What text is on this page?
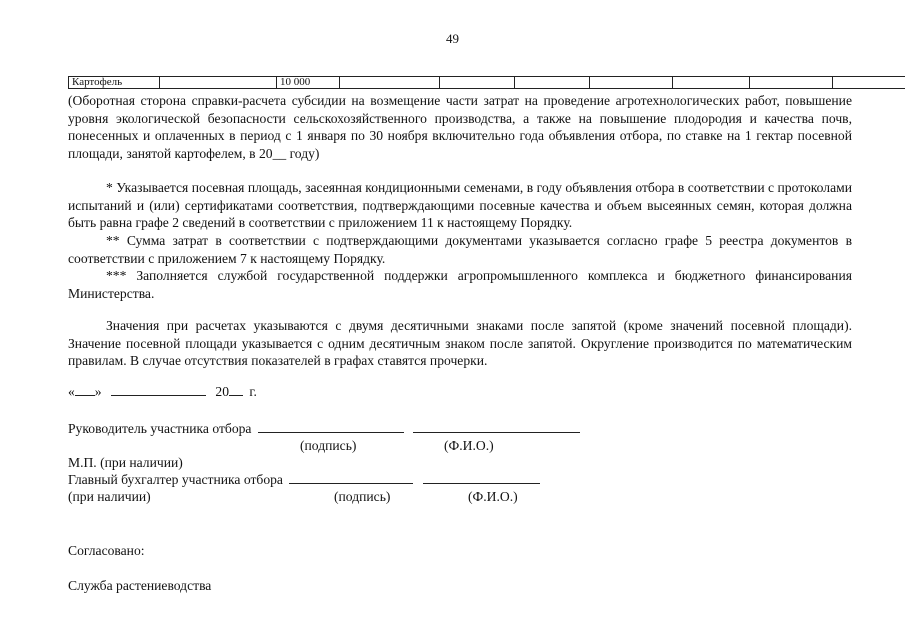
49
Картофель		10 000							
(Оборотная сторона справки-расчета субсидии на возмещение части затрат на проведение агротехнологических работ, повышение уровня экологической безопасности сельскохозяйственного производства, а также на повышение плодородия и качества почв, понесенных и оплаченных в период с 1 января по 30 ноября включительно года объявления отбора, по ставке на 1 гектар посевной площади, занятой картофелем, в 20__ году)
* Указывается посевная площадь, засеянная кондиционными семенами, в году объявления отбора в соответствии с протоколами испытаний и (или) сертификатами соответствия, подтверждающими посевные качества и объем высеянных семян, которая должна быть равна графе 2 сведений в соответствии с приложением 11 к настоящему Порядку.
** Сумма затрат в соответствии с подтверждающими документами указывается согласно графе 5 реестра документов в соответствии с приложением 7 к настоящему Порядку.
*** Заполняется службой государственной поддержки агропромышленного комплекса и бюджетного финансирования Министерства.
Значения при расчетах указываются с двумя десятичными знаками после запятой (кроме значений посевной площади). Значение посевной площади указывается с одним десятичным знаком после запятой. Округление производится по математическим правилам. В случае отсутствия показателей в графах ставятся прочерки.
« »	20 г.
Руководитель участника отбора
(подпись)	(Ф.И.О.)
М.П. (при наличии)
Главный бухгалтер участника отбора
(при наличии)	(подпись)	(Ф.И.О.)
Согласовано:
Служба растениеводства
